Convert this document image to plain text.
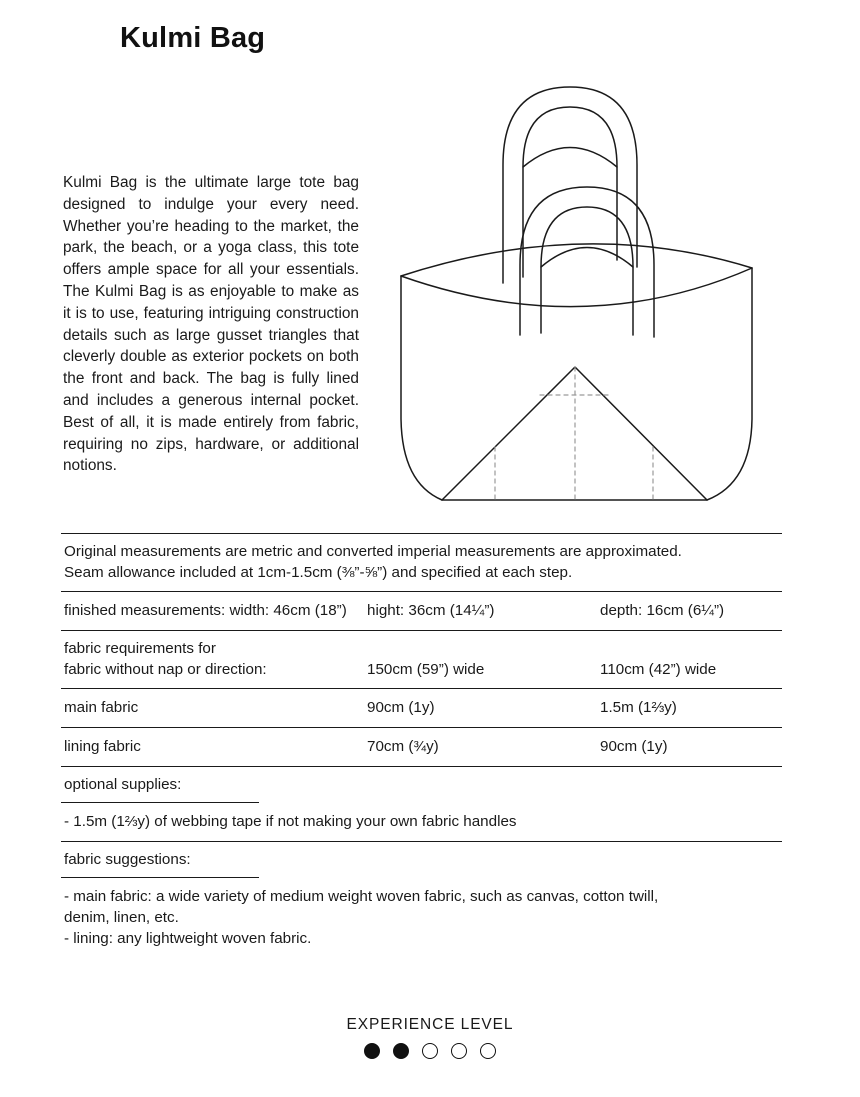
Kulmi Bag
Kulmi Bag is the ultimate large tote bag designed to indulge your every need. Whether you’re heading to the market, the park, the beach, or a yoga class, this tote offers ample space for all your essentials. The Kulmi Bag is as enjoyable to make as it is to use, featuring intriguing construction details such as large gusset triangles that cleverly double as exterior pockets on both the front and back. The bag is fully lined and includes a generous internal pocket. Best of all, it is made entirely from fabric, requiring no zips, hardware, or additional notions.
Original measurements are metric and converted imperial measurements are approximated.
Seam allowance included at 1cm-1.5cm (⅜”-⅝”) and specified at each step.
finished measurements: width: 46cm (18”)	hight: 36cm (14¼”)	depth: 16cm (6¼”)
fabric requirements for
fabric without nap or direction:	150cm (59”) wide	110cm (42”) wide
main fabric	90cm (1y)	1.5m (1⅔y)
lining fabric	70cm (¾y)	90cm (1y)
optional supplies:
- 1.5m (1⅔y) of webbing tape if not making your own fabric handles
fabric suggestions:
- main fabric: a wide variety of medium weight woven fabric, such as canvas, cotton twill,
denim, linen, etc.
- lining: any lightweight woven fabric.
EXPERIENCE LEVEL
